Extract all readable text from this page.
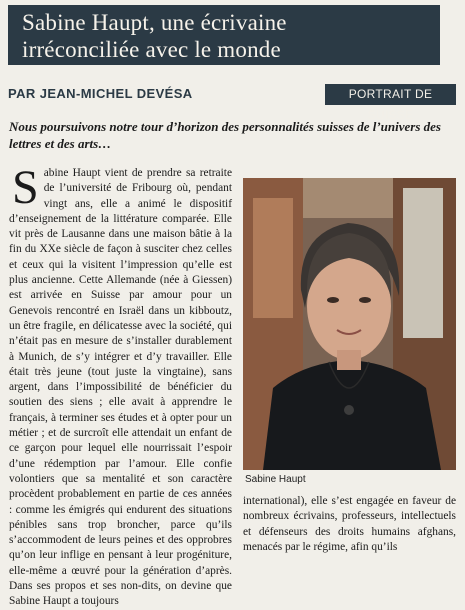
Sabine Haupt, une écrivaine
irréconciliée avec le monde
PAR JEAN-MICHEL DEVÉSA	PORTRAIT DE SUISSE
Nous poursuivons notre tour d’horizon des personnalités suisses de l’univers des lettres et des arts…

Sabine Haupt vient de prendre sa retraite de l’université de Fribourg où, pendant vingt ans, elle a animé le dispositif d’enseignement de la littérature comparée. Elle vit près de Lausanne dans une maison bâtie à la fin du XXe siècle de façon à susciter chez celles et ceux qui la visitent l’impression qu’elle est plus ancienne. Cette Allemande (née à Giessen) est arrivée en Suisse par amour pour un Genevois rencontré en Israël dans un kibboutz, un être fragile, en délicatesse avec la société, qui n’était pas en mesure de s’installer durablement à Munich, de s’y intégrer et d’y travailler. Elle était très jeune (tout juste la vingtaine), sans argent, dans l’impossibilité de bénéficier du soutien des siens ; elle avait à apprendre le français, à terminer ses études et à opter pour un métier ; et de surcroît elle attendait un enfant de ce garçon pour lequel elle nourrissait l’espoir d’une rédemption par l’amour. Elle confie volontiers que sa mentalité et son caractère procèdent probablement en partie de ces années : comme les émigrés qui endurent des situations pénibles sans trop broncher, parce qu’ils s’accommodent de leurs peines et des opprobres qu’on leur inflige en pensant à leur progéniture, elle-même a œuvré pour la génération d’après. Dans ses propos et ses non-dits, on devine que Sabine Haupt a toujours

Sabine Haupt

international), elle s’est engagée en faveur de nombreux écrivains, professeurs, intellectuels et défenseurs des droits humains afghans, menacés par le régime, afin qu’ils
